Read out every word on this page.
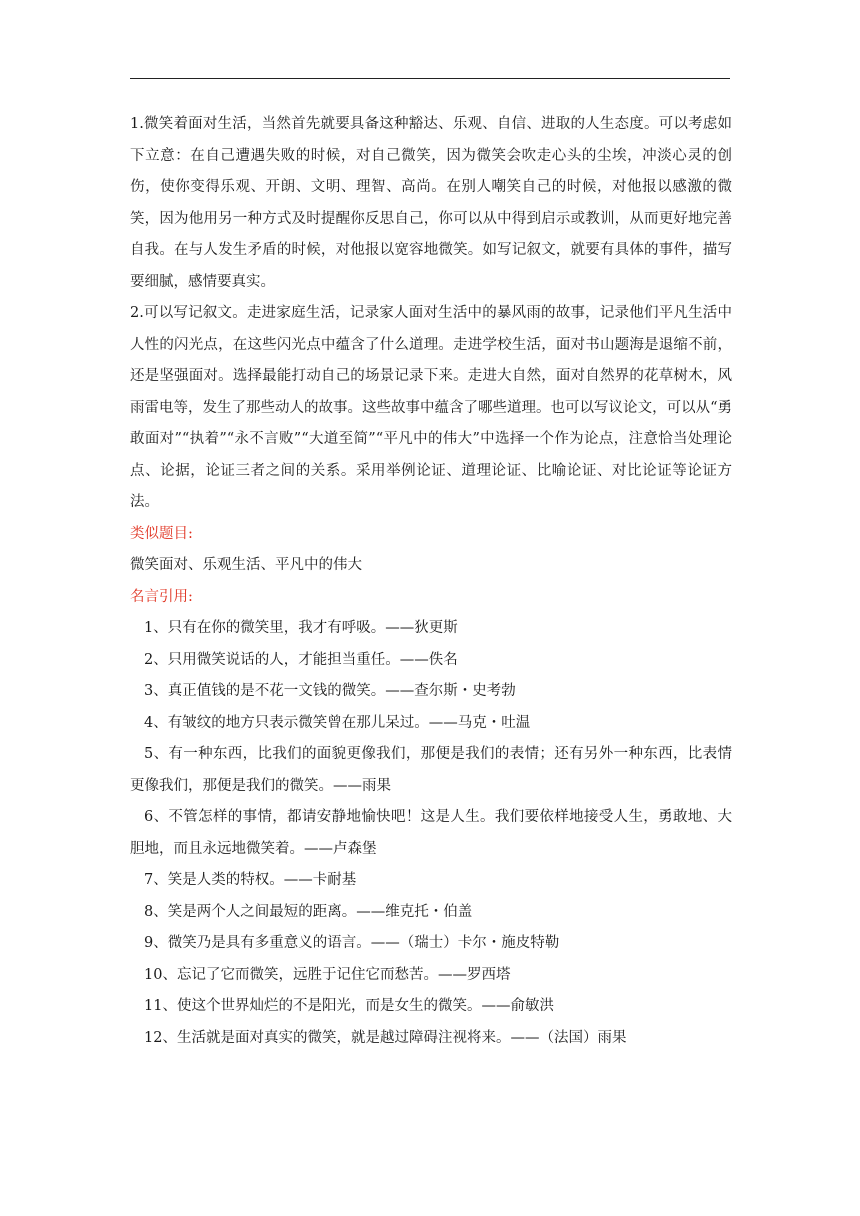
1.微笑着面对生活，当然首先就要具备这种豁达、乐观、自信、进取的人生态度。可以考虑如下立意：在自己遭遇失败的时候，对自己微笑，因为微笑会吹走心头的尘埃，冲淡心灵的创伤，使你变得乐观、开朗、文明、理智、高尚。在别人嘲笑自己的时候，对他报以感激的微笑，因为他用另一种方式及时提醒你反思自己，你可以从中得到启示或教训，从而更好地完善自我。在与人发生矛盾的时候，对他报以宽容地微笑。如写记叙文，就要有具体的事件，描写要细腻，感情要真实。

2.可以写记叙文。走进家庭生活，记录家人面对生活中的暴风雨的故事，记录他们平凡生活中人性的闪光点，在这些闪光点中蕴含了什么道理。走进学校生活，面对书山题海是退缩不前，还是坚强面对。选择最能打动自己的场景记录下来。走进大自然，面对自然界的花草树木，风雨雷电等，发生了那些动人的故事。这些故事中蕴含了哪些道理。也可以写议论文，可以从“勇敢面对”“执着”“永不言败”“大道至简”“平凡中的伟大”中选择一个作为论点，注意恰当处理论点、论据，论证三者之间的关系。采用举例论证、道理论证、比喻论证、对比论证等论证方法。

类似题目:

微笑面对、乐观生活、平凡中的伟大

名言引用:

1、只有在你的微笑里，我才有呼吸。——狄更斯

2、只用微笑说话的人，才能担当重任。——佚名

3、真正值钱的是不花一文钱的微笑。——查尔斯・史考勃

4、有皱纹的地方只表示微笑曾在那儿呆过。——马克・吐温

5、有一种东西，比我们的面貌更像我们，那便是我们的表情；还有另外一种东西，比表情更像我们，那便是我们的微笑。——雨果

6、不管怎样的事情，都请安静地愉快吧！这是人生。我们要依样地接受人生，勇敢地、大胆地，而且永远地微笑着。——卢森堡

7、笑是人类的特权。——卡耐基

8、笑是两个人之间最短的距离。——维克托・伯盖

9、微笑乃是具有多重意义的语言。——（瑞士）卡尔・施皮特勒

10、忘记了它而微笑，远胜于记住它而愁苦。——罗西塔

11、使这个世界灿烂的不是阳光，而是女生的微笑。——俞敏洪

12、生活就是面对真实的微笑，就是越过障碍注视将来。——（法国）雨果
